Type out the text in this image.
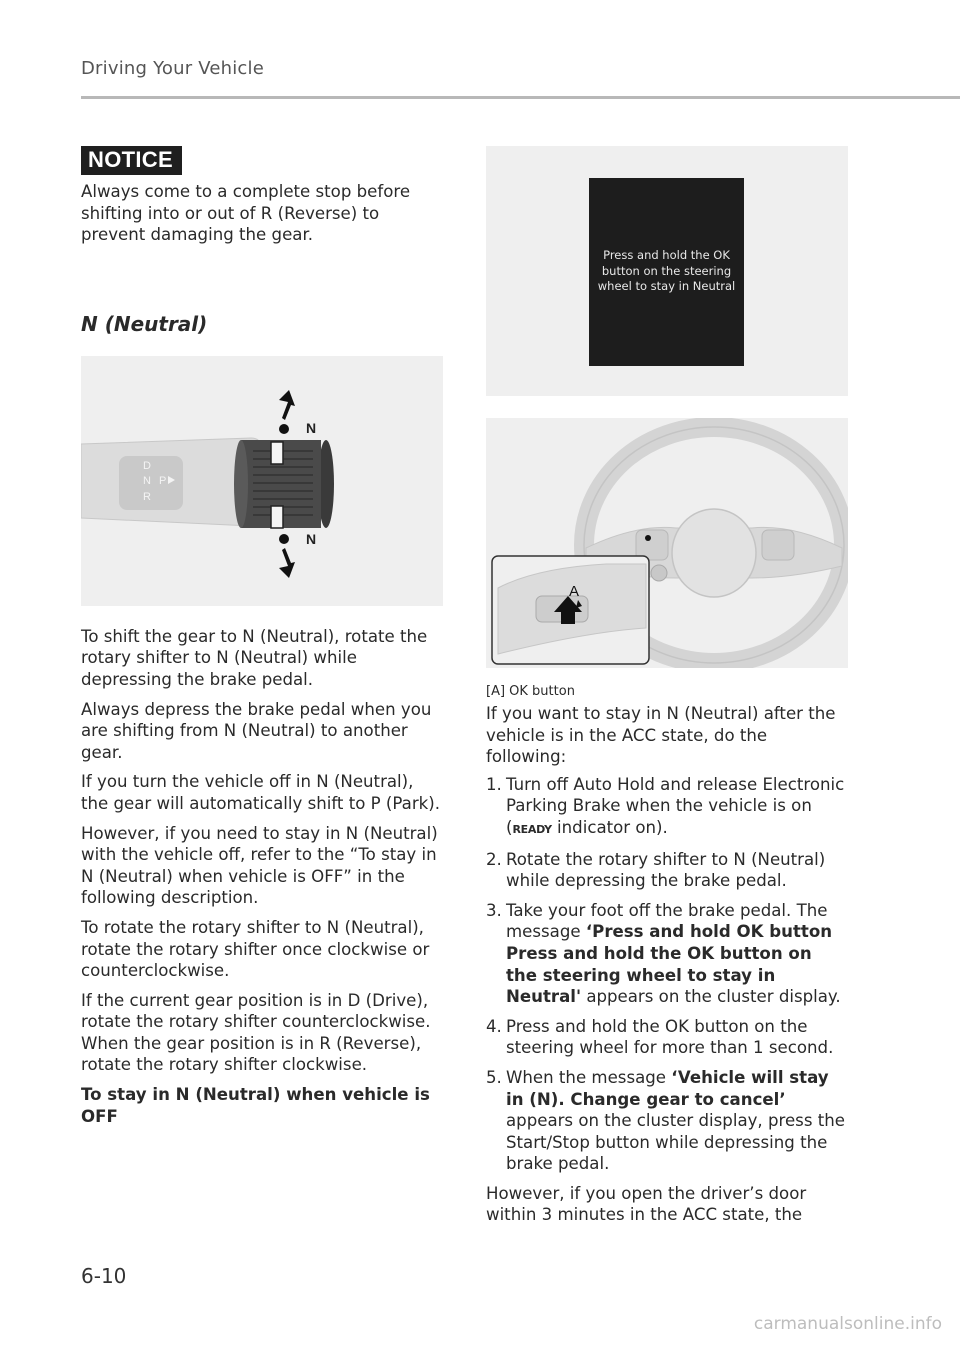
Driving Your Vehicle
NOTICE

Always come to a complete stop before shifting into or out of R (Reverse) to prevent damaging the gear.

N (Neutral)
D
N P
R
N
N

To shift the gear to N (Neutral), rotate the rotary shifter to N (Neutral) while depressing the brake pedal.

Always depress the brake pedal when you are shifting from N (Neutral) to another gear.

If you turn the vehicle off in N (Neutral), the gear will automatically shift to P (Park).

However, if you need to stay in N (Neutral) with the vehicle off, refer to the “To stay in N (Neutral) when vehicle is OFF” in the following description.

To rotate the rotary shifter to N (Neutral), rotate the rotary shifter once clockwise or counterclockwise.

If the current gear position is in D (Drive), rotate the rotary shifter counterclockwise. When the gear position is in R (Reverse), rotate the rotary shifter clockwise.

To stay in N (Neutral) when vehicle is OFF

Press and hold the OK button on the steering wheel to stay in Neutral
A
[A] OK button

If you want to stay in N (Neutral) after the vehicle is in the ACC state, do the following:

1. Turn off Auto Hold and release Electronic Parking Brake when the vehicle is on (READY indicator on).
2. Rotate the rotary shifter to N (Neutral) while depressing the brake pedal.
3. Take your foot off the brake pedal. The message ‘Press and hold OK button Press and hold the OK button on the steering wheel to stay in Neutral' appears on the cluster display.
4. Press and hold the OK button on the steering wheel for more than 1 second.
5. When the message ‘Vehicle will stay in (N). Change gear to cancel’ appears on the cluster display, press the Start/Stop button while depressing the brake pedal.

However, if you open the driver’s door within 3 minutes in the ACC state, the

6-10
carmanualsonline.info
